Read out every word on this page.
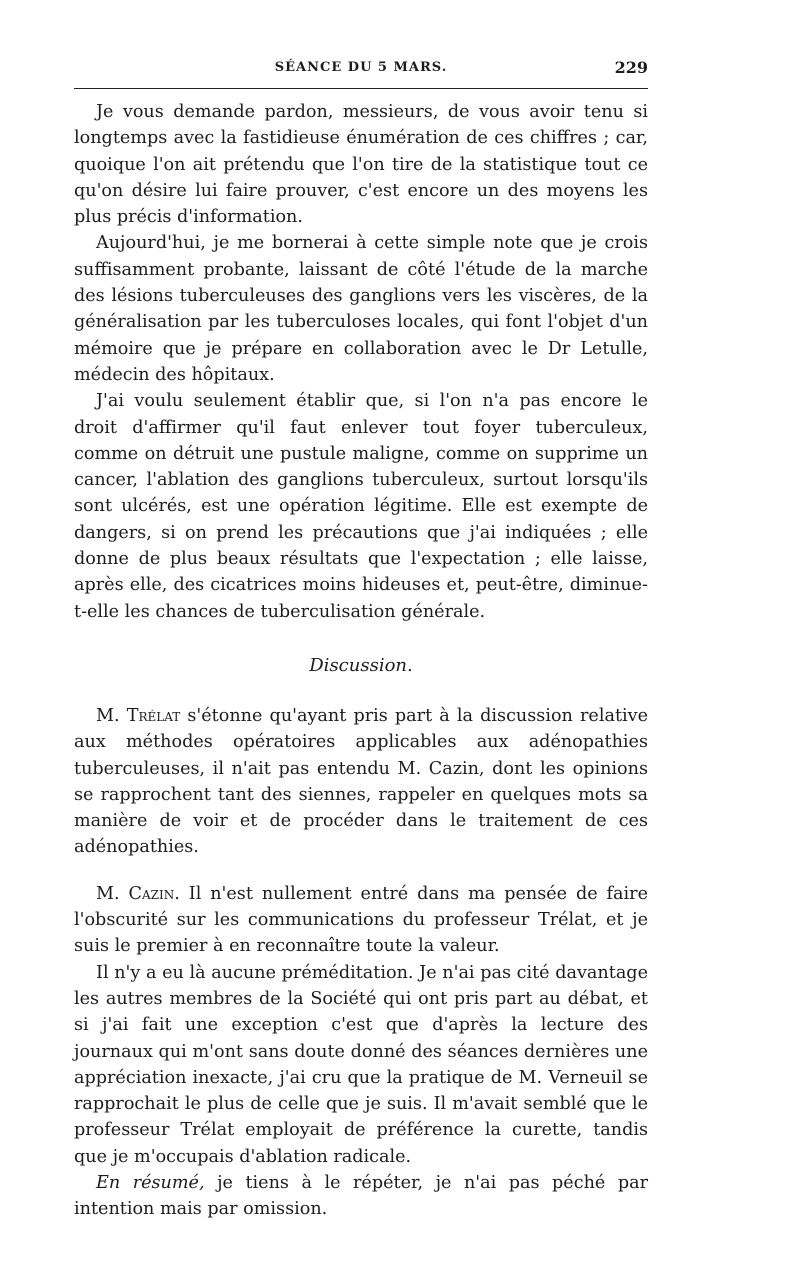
SÉANCE DU 5 MARS.	229

Je vous demande pardon, messieurs, de vous avoir tenu si longtemps avec la fastidieuse énumération de ces chiffres ; car, quoique l'on ait prétendu que l'on tire de la statistique tout ce qu'on désire lui faire prouver, c'est encore un des moyens les plus précis d'information.

Aujourd'hui, je me bornerai à cette simple note que je crois suffisamment probante, laissant de côté l'étude de la marche des lésions tuberculeuses des ganglions vers les viscères, de la généralisation par les tuberculoses locales, qui font l'objet d'un mémoire que je prépare en collaboration avec le Dr Letulle, médecin des hôpitaux.

J'ai voulu seulement établir que, si l'on n'a pas encore le droit d'affirmer qu'il faut enlever tout foyer tuberculeux, comme on détruit une pustule maligne, comme on supprime un cancer, l'ablation des ganglions tuberculeux, surtout lorsqu'ils sont ulcérés, est une opération légitime. Elle est exempte de dangers, si on prend les précautions que j'ai indiquées ; elle donne de plus beaux résultats que l'expectation ; elle laisse, après elle, des cicatrices moins hideuses et, peut-être, diminue-t-elle les chances de tuberculisation générale.

Discussion.

M. Trélat s'étonne qu'ayant pris part à la discussion relative aux méthodes opératoires applicables aux adénopathies tuberculeuses, il n'ait pas entendu M. Cazin, dont les opinions se rapprochent tant des siennes, rappeler en quelques mots sa manière de voir et de procéder dans le traitement de ces adénopathies.

M. Cazin. Il n'est nullement entré dans ma pensée de faire l'obscurité sur les communications du professeur Trélat, et je suis le premier à en reconnaître toute la valeur.

Il n'y a eu là aucune préméditation. Je n'ai pas cité davantage les autres membres de la Société qui ont pris part au débat, et si j'ai fait une exception c'est que d'après la lecture des journaux qui m'ont sans doute donné des séances dernières une appréciation inexacte, j'ai cru que la pratique de M. Verneuil se rapprochait le plus de celle que je suis. Il m'avait semblé que le professeur Trélat employait de préférence la curette, tandis que je m'occupais d'ablation radicale.

En résumé, je tiens à le répéter, je n'ai pas péché par intention mais par omission.
